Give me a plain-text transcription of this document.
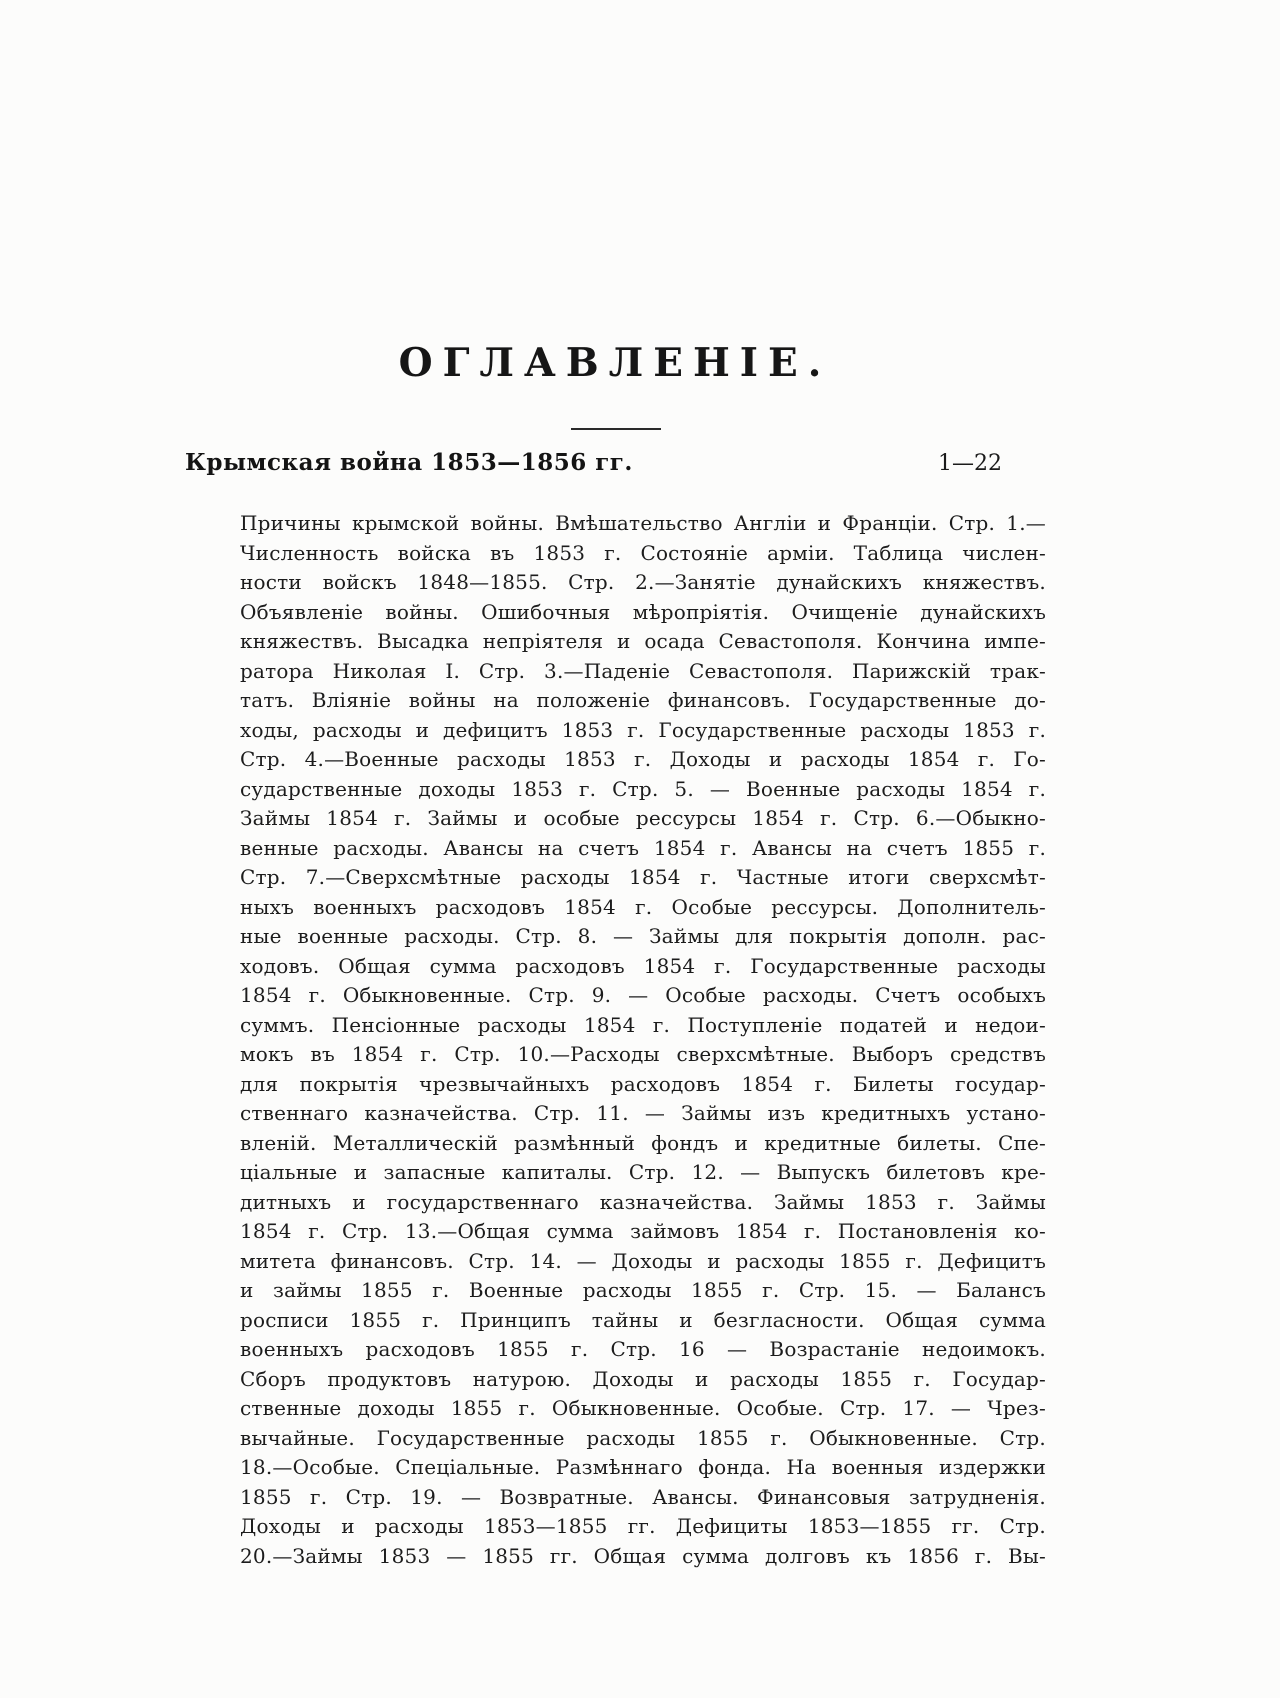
ОГЛАВЛЕНІЕ.
Крымская война 1853—1856 гг.	1—22
Причины крымской войны. Вмѣшательство Англіи и Франціи. Стр. 1.—
Численность войска въ 1853 г. Состояніе арміи. Таблица числен-
ности войскъ 1848—1855. Стр. 2.—Занятіе дунайскихъ княжествъ.
Объявленіе войны. Ошибочныя мѣропріятія. Очищеніе дунайскихъ
княжествъ. Высадка непріятеля и осада Севастополя. Кончина импе-
ратора Николая I. Стр. 3.—Паденіе Севастополя. Парижскій трак-
татъ. Вліяніе войны на положеніе финансовъ. Государственные до-
ходы, расходы и дефицитъ 1853 г. Государственные расходы 1853 г.
Стр. 4.—Военные расходы 1853 г. Доходы и расходы 1854 г. Го-
сударственные доходы 1853 г. Стр. 5. — Военные расходы 1854 г.
Займы 1854 г. Займы и особые рессурсы 1854 г. Стр. 6.—Обыкно-
венные расходы. Авансы на счетъ 1854 г. Авансы на счетъ 1855 г.
Стр. 7.—Сверхсмѣтные расходы 1854 г. Частные итоги сверхсмѣт-
ныхъ военныхъ расходовъ 1854 г. Особые рессурсы. Дополнитель-
ные военные расходы. Стр. 8. — Займы для покрытія дополн. рас-
ходовъ. Общая сумма расходовъ 1854 г. Государственные расходы
1854 г. Обыкновенные. Стр. 9. — Особые расходы. Счетъ особыхъ
суммъ. Пенсіонные расходы 1854 г. Поступленіе податей и недои-
мокъ въ 1854 г. Стр. 10.—Расходы сверхсмѣтные. Выборъ средствъ
для покрытія чрезвычайныхъ расходовъ 1854 г. Билеты государ-
ственнаго казначейства. Стр. 11. — Займы изъ кредитныхъ устано-
вленій. Металлическій размѣнный фондъ и кредитные билеты. Спе-
ціальные и запасные капиталы. Стр. 12. — Выпускъ билетовъ кре-
дитныхъ и государственнаго казначейства. Займы 1853 г. Займы
1854 г. Стр. 13.—Общая сумма займовъ 1854 г. Постановленія ко-
митета финансовъ. Стр. 14. — Доходы и расходы 1855 г. Дефицитъ
и займы 1855 г. Военные расходы 1855 г. Стр. 15. — Балансъ
росписи 1855 г. Принципъ тайны и безгласности. Общая сумма
военныхъ расходовъ 1855 г. Стр. 16 — Возрастаніе недоимокъ.
Сборъ продуктовъ натурою. Доходы и расходы 1855 г. Государ-
ственные доходы 1855 г. Обыкновенные. Особые. Стр. 17. — Чрез-
вычайные. Государственные расходы 1855 г. Обыкновенные. Стр.
18.—Особые. Спеціальные. Размѣннаго фонда. На военныя издержки
1855 г. Стр. 19. — Возвратные. Авансы. Финансовыя затрудненія.
Доходы и расходы 1853—1855 гг. Дефициты 1853—1855 гг. Стр.
20.—Займы 1853 — 1855 гг. Общая сумма долговъ къ 1856 г. Вы-
